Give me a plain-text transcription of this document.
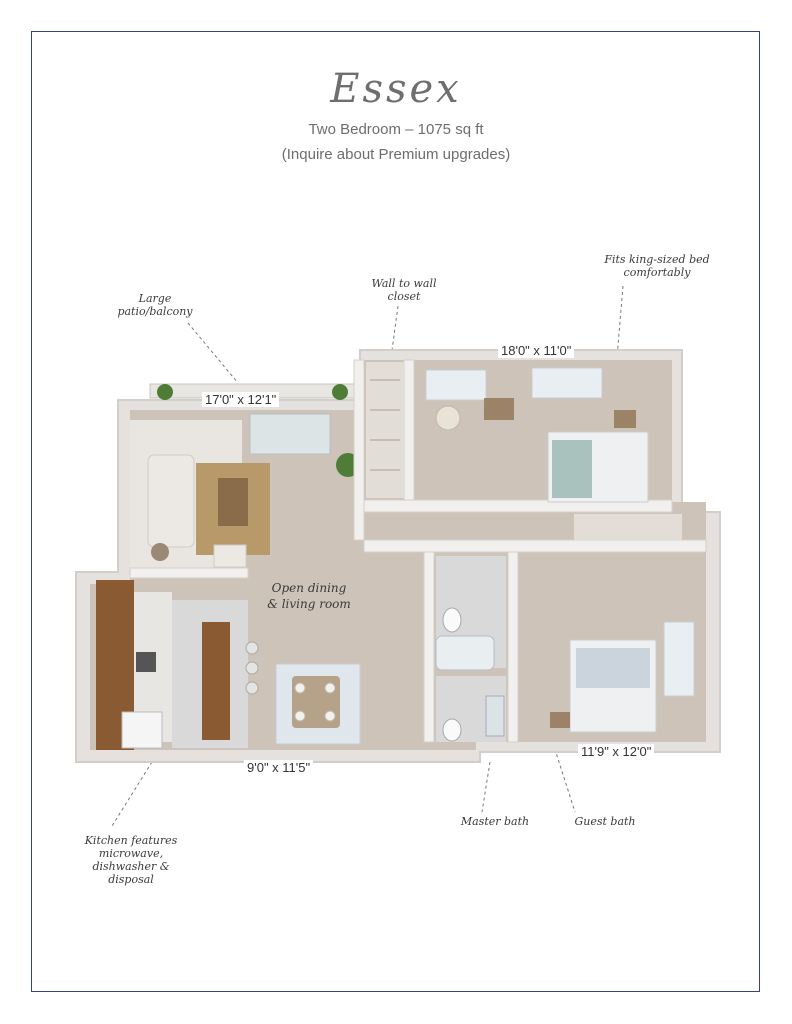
Essex
Two Bedroom – 1075 sq ft
(Inquire about Premium upgrades)
Large
patio/balcony
Wall to wall
closet
Fits king-sized bed
comfortably
Open dining
& living room
Kitchen features
microwave,
dishwasher & disposal
Master bath	Guest bath
17'0" x 12'1"
18'0" x 11'0"
9'0" x 11'5"
11'9" x 12'0"
